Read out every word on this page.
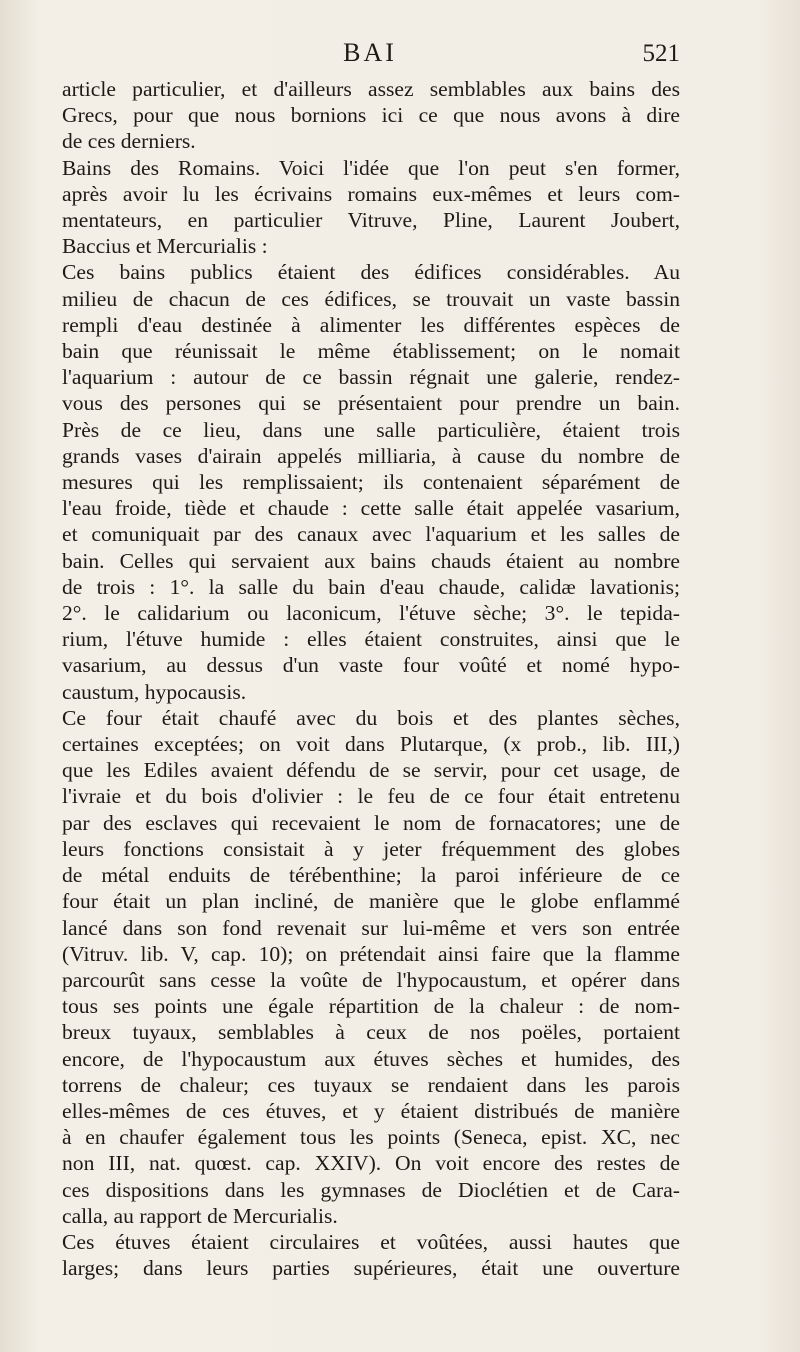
BAI	521
article particulier, et d'ailleurs assez semblables aux bains des
Grecs, pour que nous bornions ici ce que nous avons à dire
de ces derniers.
Bains des Romains. Voici l'idée que l'on peut s'en former,
après avoir lu les écrivains romains eux-mêmes et leurs com-
mentateurs, en particulier Vitruve, Pline, Laurent Joubert,
Baccius et Mercurialis :
Ces bains publics étaient des édifices considérables. Au
milieu de chacun de ces édifices, se trouvait un vaste bassin
rempli d'eau destinée à alimenter les différentes espèces de
bain que réunissait le même établissement; on le nomait
l'aquarium : autour de ce bassin régnait une galerie, rendez-
vous des persones qui se présentaient pour prendre un bain.
Près de ce lieu, dans une salle particulière, étaient trois
grands vases d'airain appelés milliaria, à cause du nombre de
mesures qui les remplissaient; ils contenaient séparément de
l'eau froide, tiède et chaude : cette salle était appelée vasarium,
et comuniquait par des canaux avec l'aquarium et les salles de
bain. Celles qui servaient aux bains chauds étaient au nombre
de trois : 1°. la salle du bain d'eau chaude, calidæ lavationis;
2°. le calidarium ou laconicum, l'étuve sèche; 3°. le tepida-
rium, l'étuve humide : elles étaient construites, ainsi que le
vasarium, au dessus d'un vaste four voûté et nomé hypo-
caustum, hypocausis.
Ce four était chaufé avec du bois et des plantes sèches,
certaines exceptées; on voit dans Plutarque, (x prob., lib. III,)
que les Ediles avaient défendu de se servir, pour cet usage, de
l'ivraie et du bois d'olivier : le feu de ce four était entretenu
par des esclaves qui recevaient le nom de fornacatores; une de
leurs fonctions consistait à y jeter fréquemment des globes
de métal enduits de térébenthine; la paroi inférieure de ce
four était un plan incliné, de manière que le globe enflammé
lancé dans son fond revenait sur lui-même et vers son entrée
(Vitruv. lib. V, cap. 10); on prétendait ainsi faire que la flamme
parcourût sans cesse la voûte de l'hypocaustum, et opérer dans
tous ses points une égale répartition de la chaleur : de nom-
breux tuyaux, semblables à ceux de nos poëles, portaient
encore, de l'hypocaustum aux étuves sèches et humides, des
torrens de chaleur; ces tuyaux se rendaient dans les parois
elles-mêmes de ces étuves, et y étaient distribués de manière
à en chaufer également tous les points (Seneca, epist. XC, nec
non III, nat. quœst. cap. XXIV). On voit encore des restes de
ces dispositions dans les gymnases de Dioclétien et de Cara-
calla, au rapport de Mercurialis.
Ces étuves étaient circulaires et voûtées, aussi hautes que
larges; dans leurs parties supérieures, était une ouverture
